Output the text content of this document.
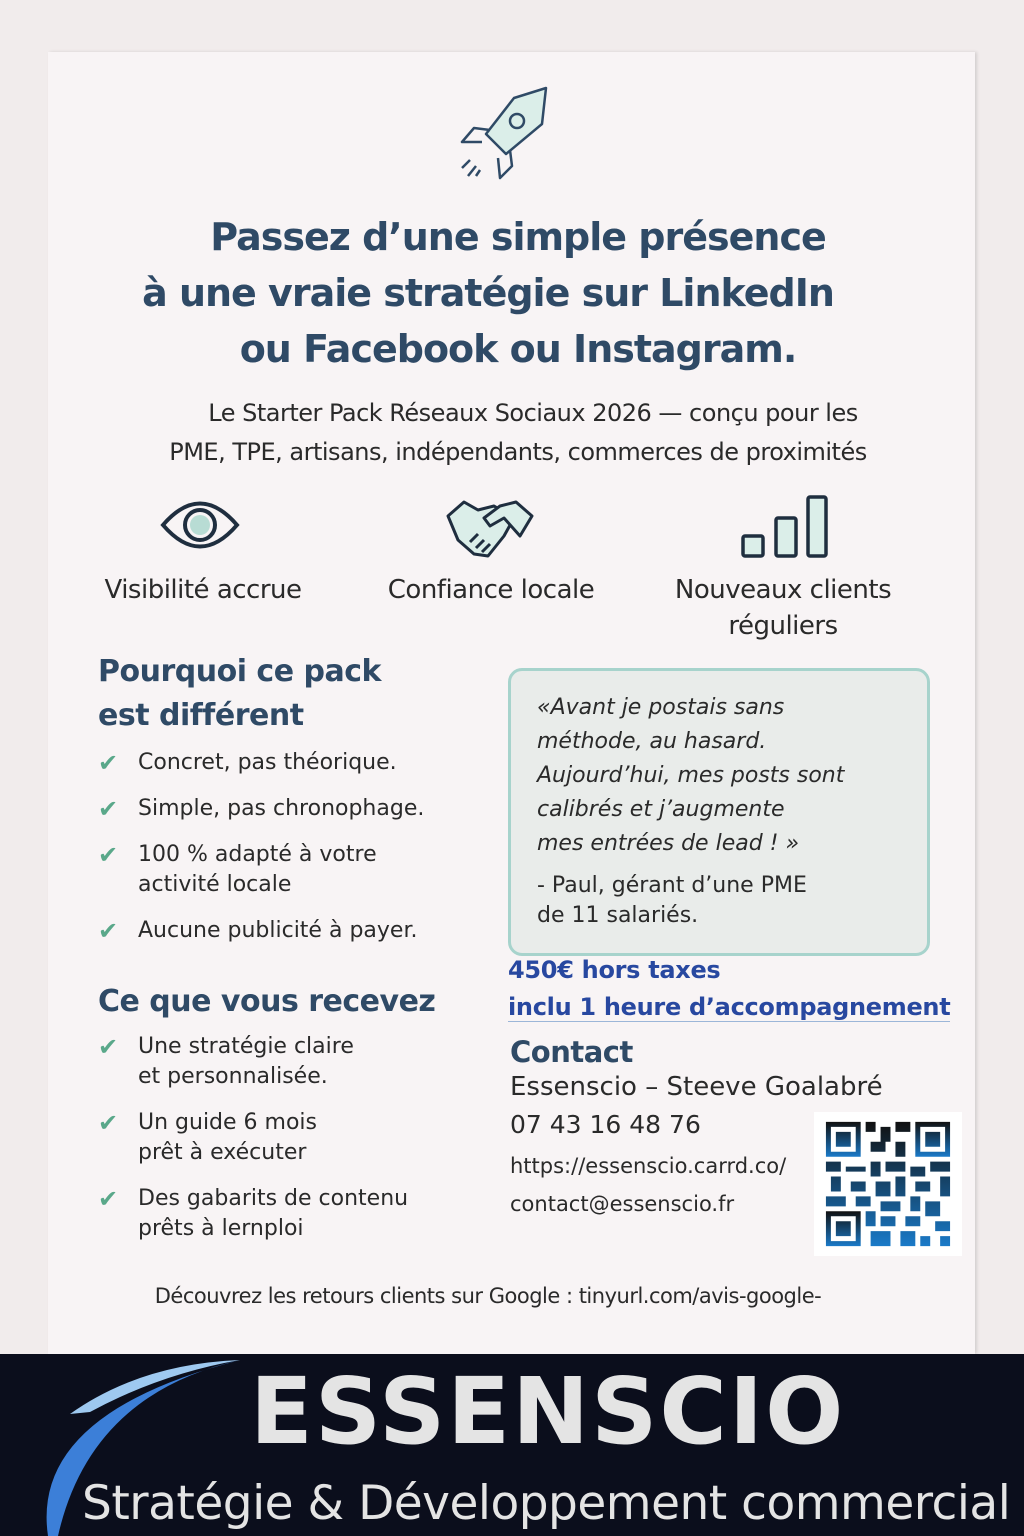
Passez d’une simple présence
à une vraie stratégie sur LinkedIn
ou Facebook ou Instagram.
Le Starter Pack Réseaux Sociaux 2026 — conçu pour les
PME, TPE, artisans, indépendants, commerces de proximités
Visibilité accrue	Confiance locale	Nouveaux clients réguliers
Pourquoi ce pack est différent
✔ Concret, pas théorique.
✔ Simple, pas chronophage.
✔ 100 % adapté à votre activité locale
✔ Aucune publicité à payer.
Ce que vous recevez
✔ Une stratégie claire et personnalisée.
✔ Un guide 6 mois prêt à exécuter
✔ Des gabarits de contenu prêts à lernploi
«Avant je postais sans
méthode, au hasard.
Aujourd’hui, mes posts sont
calibrés et j’augmente
mes entrées de lead ! »

- Paul, gérant d’une PME
de 11 salariés.

450€ hors taxes
inclu 1 heure d’accompagnement
Contact
Essenscio – Steeve Goalabré
07 43 16 48 76
https://essenscio.carrd.co/
contact@essenscio.fr
Découvrez les retours clients sur Google : tinyurl.com/avis-google-
ESSENSCIO
Stratégie & Développement commercial
